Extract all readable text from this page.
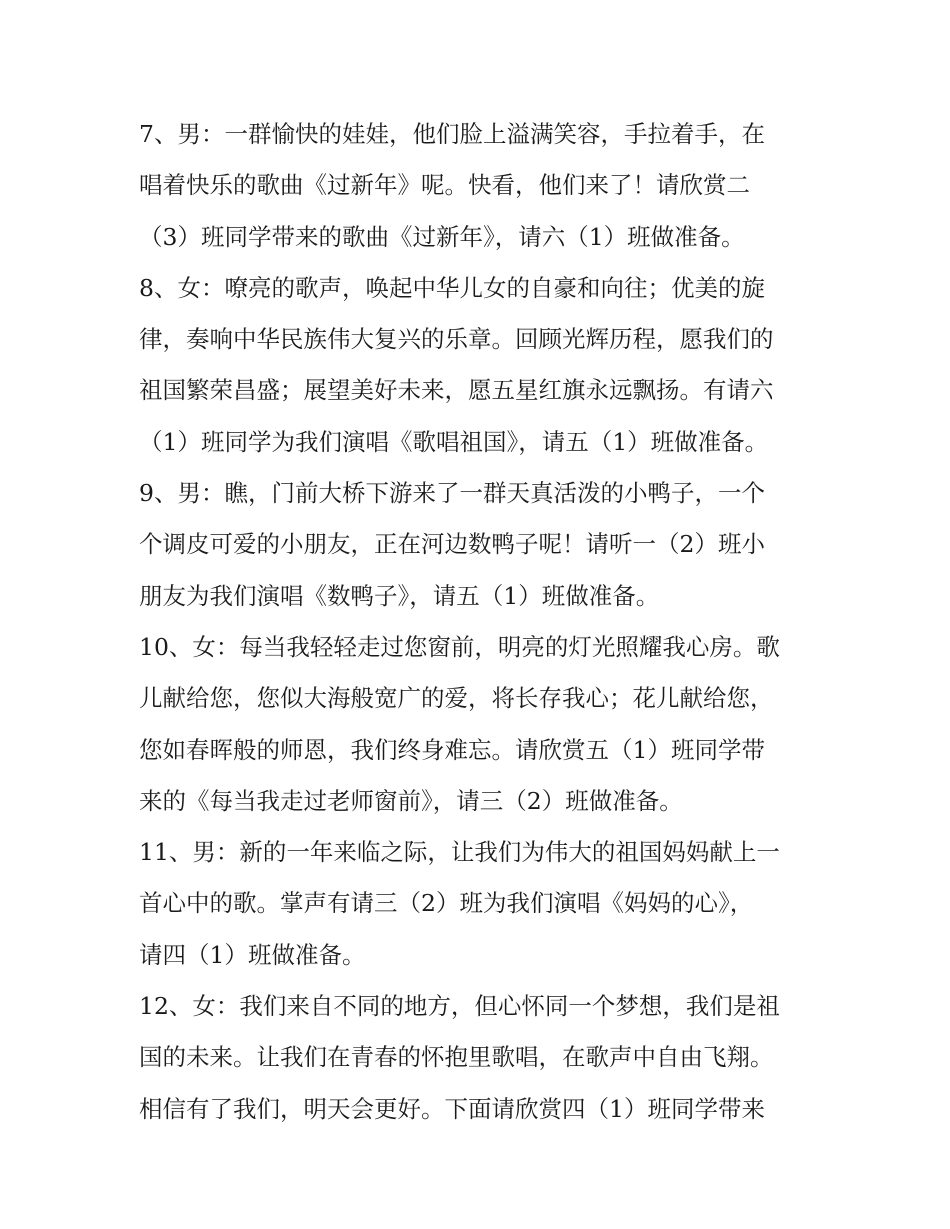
7、男：一群愉快的娃娃，他们脸上溢满笑容，手拉着手，在
唱着快乐的歌曲《过新年》呢。快看，他们来了！请欣赏二
（3）班同学带来的歌曲《过新年》，请六（1）班做准备。
8、女：嘹亮的歌声，唤起中华儿女的自豪和向往；优美的旋
律，奏响中华民族伟大复兴的乐章。回顾光辉历程，愿我们的
祖国繁荣昌盛；展望美好未来，愿五星红旗永远飘扬。有请六
（1）班同学为我们演唱《歌唱祖国》，请五（1）班做准备。
9、男：瞧，门前大桥下游来了一群天真活泼的小鸭子，一个
个调皮可爱的小朋友，正在河边数鸭子呢！请听一（2）班小
朋友为我们演唱《数鸭子》，请五（1）班做准备。
10、女：每当我轻轻走过您窗前，明亮的灯光照耀我心房。歌
儿献给您，您似大海般宽广的爱，将长存我心；花儿献给您，
您如春晖般的师恩，我们终身难忘。请欣赏五（1）班同学带
来的《每当我走过老师窗前》，请三（2）班做准备。
11、男：新的一年来临之际，让我们为伟大的祖国妈妈献上一
首心中的歌。掌声有请三（2）班为我们演唱《妈妈的心》，
请四（1）班做准备。
12、女：我们来自不同的地方，但心怀同一个梦想，我们是祖
国的未来。让我们在青春的怀抱里歌唱，在歌声中自由飞翔。
相信有了我们，明天会更好。下面请欣赏四（1）班同学带来
